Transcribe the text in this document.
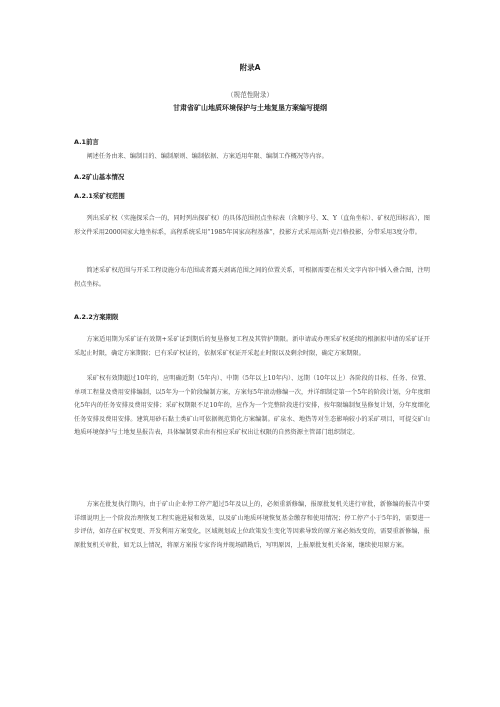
附录A
（规范性附录）
甘肃省矿山地质环境保护与土地复垦方案编写提纲
A.1前言

阐述任务由来、编制目的、编制原则、编制依据、方案适用年限、编制工作概况等内容。

A.2矿山基本情况
A.2.1采矿权范围

列出采矿权（实施探采合一的，同时列出探矿权）的具体范围拐点坐标表（含顺序号、X、Y（直角坐标）、矿权范围标高），图形文件采用2000国家大地坐标系，高程系统采用“1985年国家高程基准”，投影方式采用高斯·克吕格投影，分带采用3度分带。

简述采矿权范围与开采工程设施分布范围或者露天剥离范围之间的位置关系，可根据需要在相关文字内容中插入叠合图，注明拐点坐标。

A.2.2方案期限

方案适用期为采矿证有效期+采矿证到期后的复垦修复工程及其管护期限。新申请或办理采矿权延续的根据拟申请的采矿证开采起止时限，确定方案期限；已有采矿权证的，依据采矿权证开采起止时限以及剩余时限，确定方案期限。

采矿权有效期超过10年的，应明确近期（5年内）、中期（5年以上10年内）、远期（10年以上）各阶段的目标、任务、位置、单项工程量及费用安排编制，以5年为一个阶段编制方案，方案每5年滚动修编一次，并详细制定第一个5年的阶段计划，分年度细化5年内的任务安排及费用安排；采矿权期限不足10年的，应作为一个完整阶段进行安排，按年限编制复垦修复计划，分年度细化任务安排及费用安排。建筑用砂石黏土类矿山可依据规范简化方案编制。矿泉水、地热等对生态影响较小的采矿项目，可提交矿山地质环境保护与土地复垦报告表，具体编制要求由有相应采矿权出让权限的自然资源主管部门组织制定。

方案在批复执行期内，由于矿山企业停工停产超过5年及以上的，必须重新修编，报原批复机关进行审批，新修编的报告中要详细说明上一个阶段治理恢复工程实施进展和效果，以及矿山地质环境恢复基金缴存和使用情况；停工停产小于5年的，需要进一步评估，如存在矿权变更、开发利用方案变化，区域规划或上位政策发生变化等因素导致的原方案必须改变的，需要重新修编，报原批复机关审批，如无以上情况，将原方案报专家咨询并现场踏勘后，写明原因，上报原批复机关备案，继续使用原方案。
